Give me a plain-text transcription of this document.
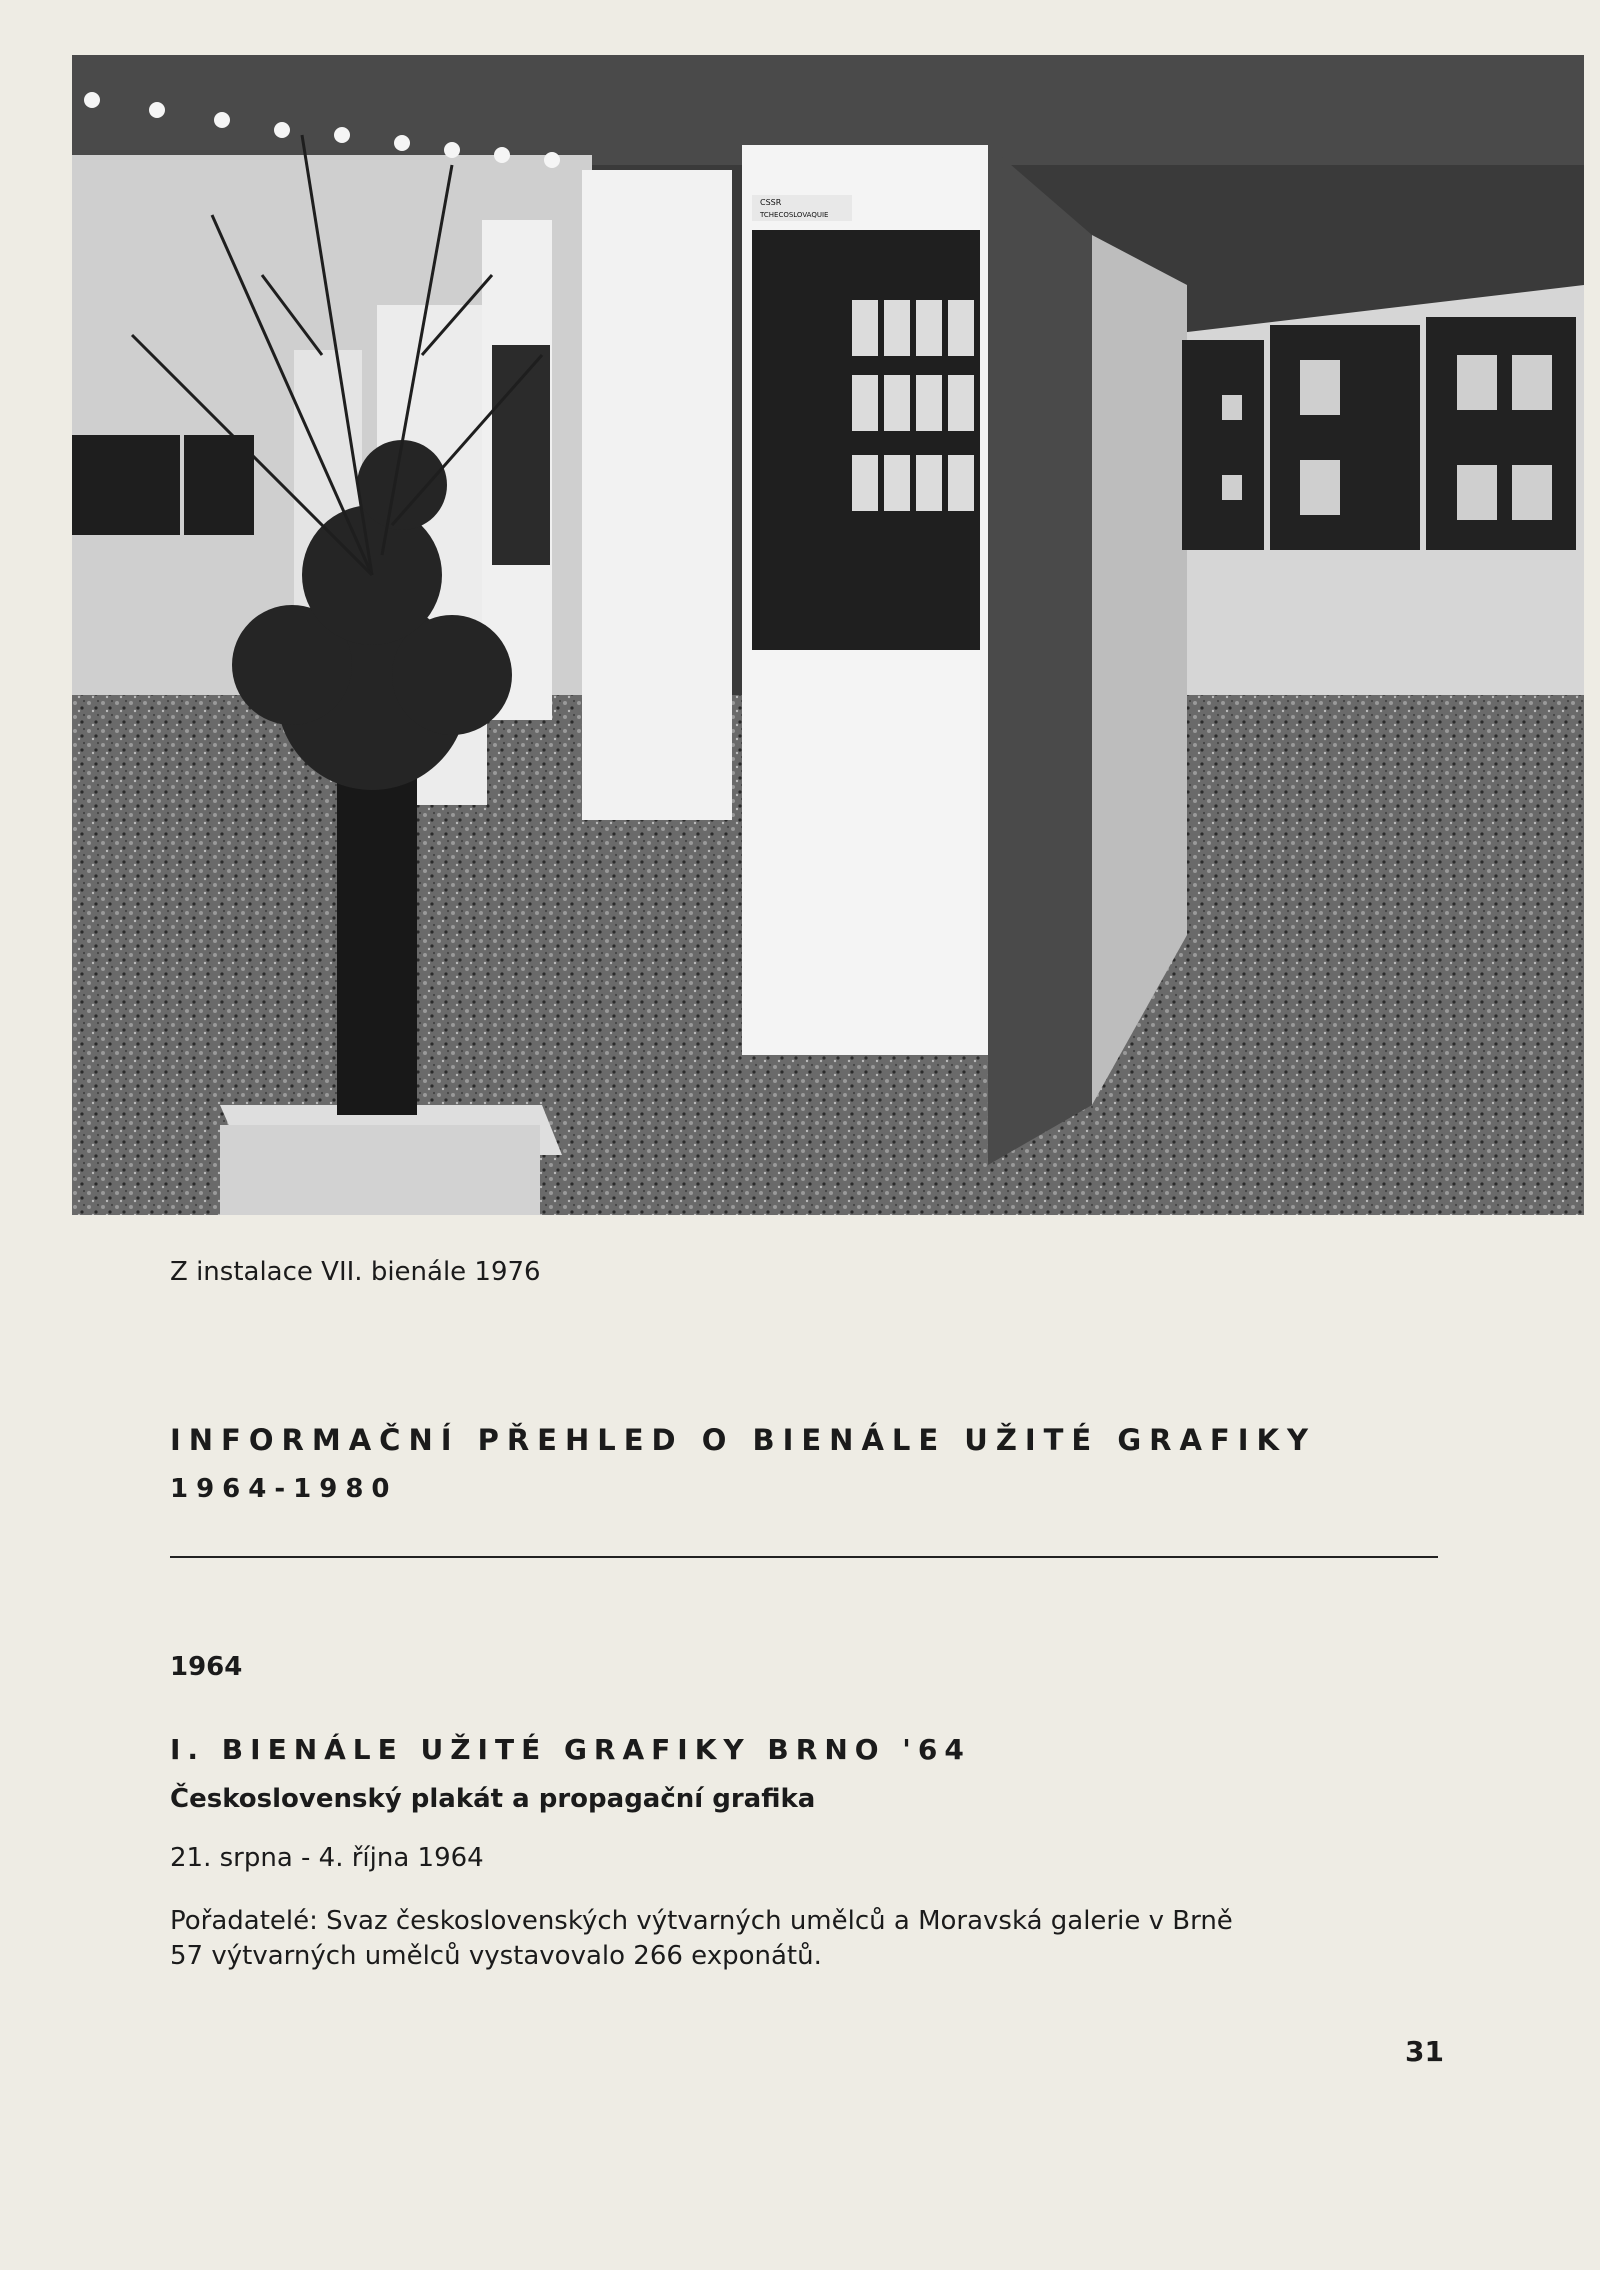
CSSR
TCHECOSLOVAQUIE

Z instalace VII. bienále 1976

INFORMAČNÍ PŘEHLED O BIENÁLE UŽITÉ GRAFIKY

1964-1980

1964

I. BIENÁLE UŽITÉ GRAFIKY BRNO '64

Československý plakát a propagační grafika

21. srpna - 4. října 1964

Pořadatelé: Svaz československých výtvarných umělců a Moravská galerie v Brně

57 výtvarných umělců vystavovalo 266 exponátů.

31
